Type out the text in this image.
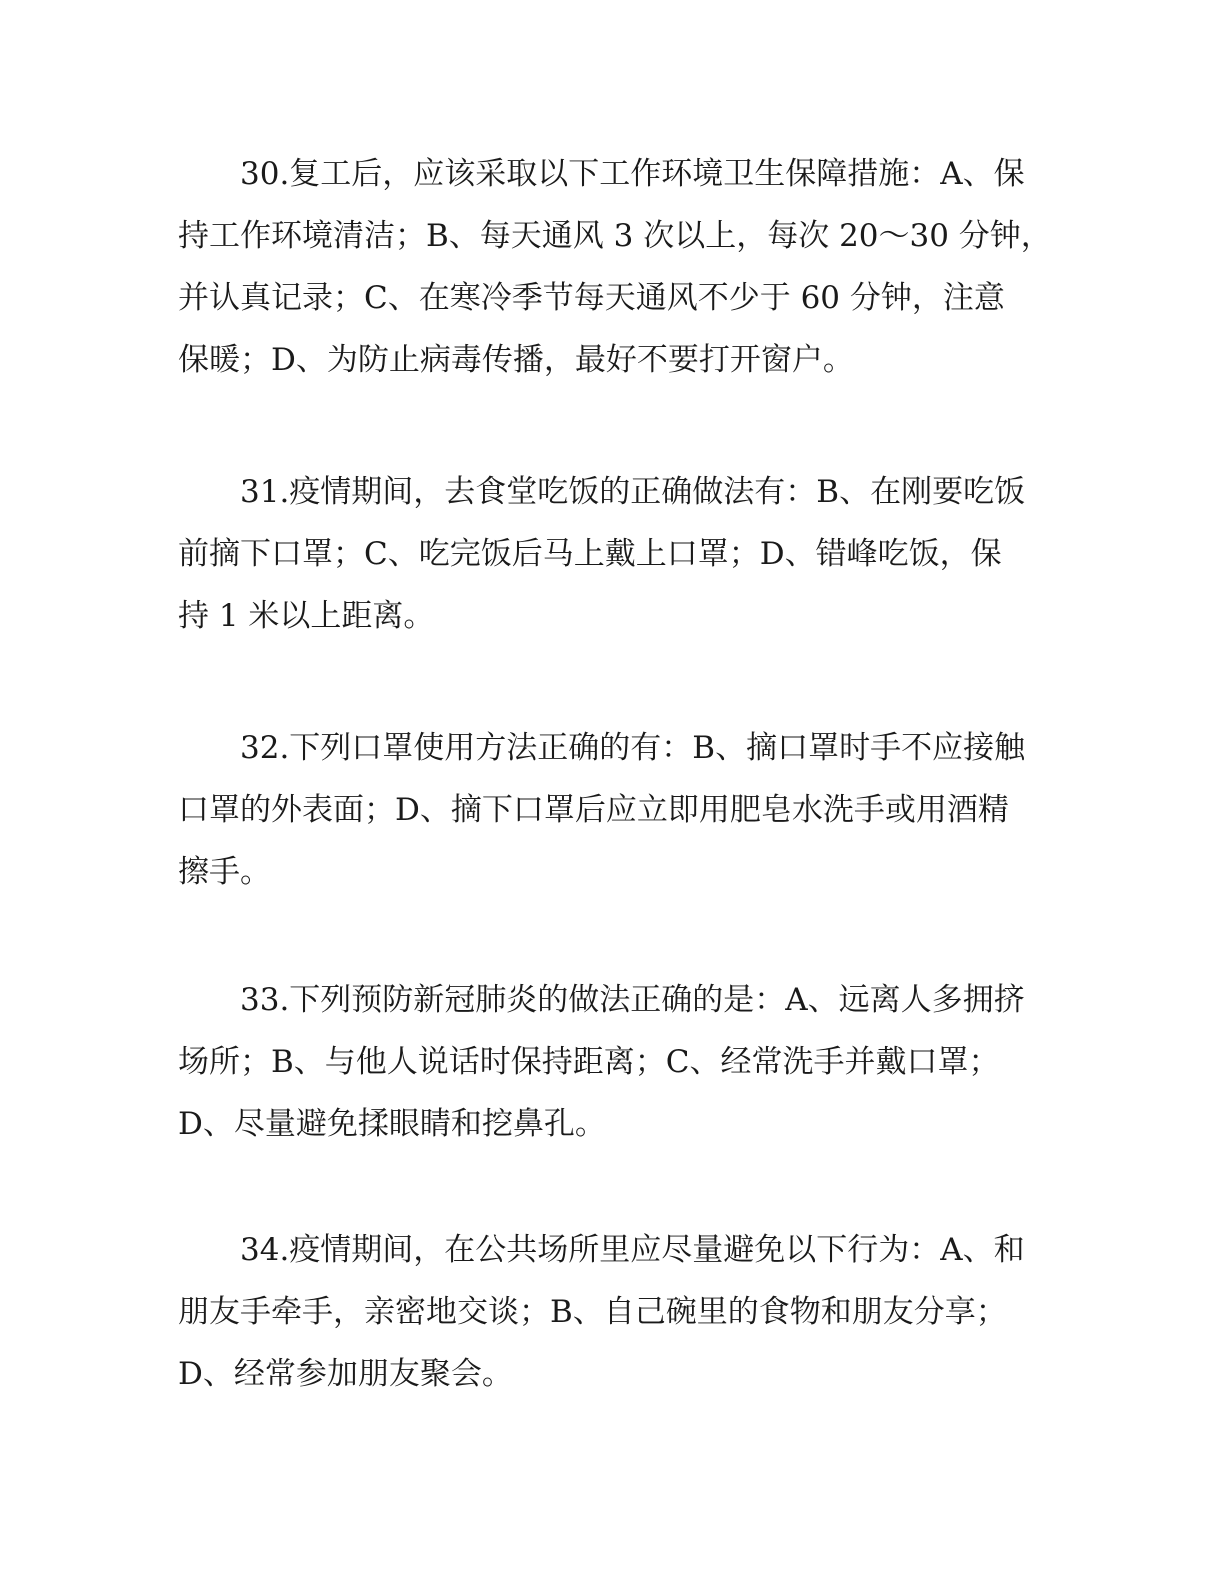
30.复工后，应该采取以下工作环境卫生保障措施：A、保
持工作环境清洁；B、每天通风 3 次以上，每次 20～30 分钟，
并认真记录；C、在寒冷季节每天通风不少于 60 分钟，注意
保暖；D、为防止病毒传播，最好不要打开窗户。
31.疫情期间，去食堂吃饭的正确做法有：B、在刚要吃饭
前摘下口罩；C、吃完饭后马上戴上口罩；D、错峰吃饭，保
持 1 米以上距离。
32.下列口罩使用方法正确的有：B、摘口罩时手不应接触
口罩的外表面；D、摘下口罩后应立即用肥皂水洗手或用酒精
擦手。
33.下列预防新冠肺炎的做法正确的是：A、远离人多拥挤
场所；B、与他人说话时保持距离；C、经常洗手并戴口罩；
D、尽量避免揉眼睛和挖鼻孔。
34.疫情期间，在公共场所里应尽量避免以下行为：A、和
朋友手牵手，亲密地交谈；B、自己碗里的食物和朋友分享；
D、经常参加朋友聚会。
